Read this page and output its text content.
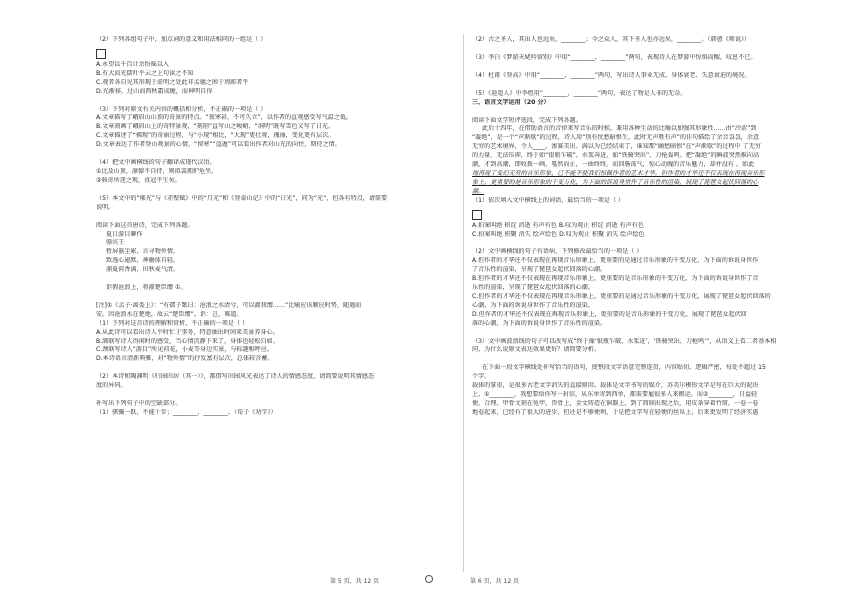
（2）下列各组句子中，加点词的意义和用法相同的一组是（ ）
A.永望以千百计余纷摇以入
B.有大而光儒叶平云之上句读之不知
C.观者各自见其形现于虚明之处此非孟德之困于周郎者乎
D.光渐移，过山而西秋霜成缠，而神明自得
（3）下列对原文有关内容的概括和分析，不正确的一项是（ ）
A.文章描写了峨眉山山顶的奇景的特点。“夜寒甚，不可久立”，以作者的直观感受写气温之低。
B.文章刻画了峨眉山上的奇特景观，“刻削”直写山之峻峭，“洞明”既写雪色又写了日光。
C.文章描述了“佛现”的奇丽过程，与“小现”相比，“大现”更壮观，瑰丽，变化更有层次。
D.文章表达了作者登山观景的心情，“留寒”“盗遁”可以看出作者对山光的向往，期待之情。
（4）把文中画横线的句子翻译成现代汉语。
①比及山顶，凛懔不自持，则拟衾拥炉危坐。
②骇奇所迷之观，真冠平生矣。
（5）本文中的“佛光”与《赤壁赋》中的“月光”和《登泰山记》中的“日光”，同为“光”，但各有特点，请简要
说明。
阅读下面这首唐诗，完成下列各题。
夏日游目聊作
骆宾王
暂屏嚣尘累，言寻物外情。
致逸心逾默，神幽体自轻。
浦夏荷香满，田秋麦气清。
讵假沧浪上，将濯楚臣缨 ①。
[注]①《孟子·离娄上》：“有孺子歌曰：沧浪之水清兮，可以濯我缨……”比喻应该顺应时势，随遇而
安。因沧浪水在楚地，故云“楚臣缨”。讵：岂，难道。
（1）下列对这首诗的理解和赏析，不正确的一项是（ ）
A.从此诗可以看出诗人平时忙于事务，特意抽出时间来美景养身心。
B.颔联写诗人得闲时的感受，当心情沉静下来了，身体也轻松自如。
C.颈联写诗人“游目”所见荷花，小麦等身边实景，与标题相呼应。
D.本诗语言清新典雅，对“物外情”的抒发富有层次，总体较含蓄。
（2）本诗和陶渊明《归园田居（其一）》，都借写田园风光表达了诗人的情感态度，请简要说明其情感态
度的异同。
补写出下列句子中的空缺部分。
（1）骐骥一跃，不能十步；________，________。（荀子《劝学》）
（2）古之圣人，其出人也远矣，________；今之众人，其下圣人也亦远矣，________。（韩愈《师说》）
（3）李白《梦游天姥吟留别》中用“________，________”两句，表现诗人在梦游中惊惧而醒，叹息不已。
（4）杜甫《登高》中用“________，________”两句，写出诗人事业无成、身体衰老、失意衰迫的境况。
（5）《逍遥人》中李煜用“________，________”两句，表达了物是人非的无奈。
三、语言文字运用（20 分）
阅读下面文学短评选段，完成下列各题。
此后十四年，在借助语言的音律来写音乐的时候，兼用各种生动的比喻以加强其形象性……由“冷涩”到
“凝绝”，是一个“声渐歇”的过程，诗人用“别有忧愁暗恨生，此时无声胜有声”的佳句描绘了余音袅袅，余意
无穷的艺术境界，令人____，渗赛美出。满以为已经结束了，谁知那“幽愁暗恨”在“声渐歇”的过程中 了无穷
的力量，无法压抑，终于如“银瓶乍破”，水浆奔迸，如“铁骑突出”，刀枪轰鸣。把“凝绝”的瞬波突然推向高
潮，才到高潮，即收拨一画，戛然而止，一曲终终，而回肠荡气，惊心动魄的音乐魅力，却并没有 。如此
地再现了变幻无穷的音乐形象，已不能不使我们惊佩作者的艺术才华。但作者的才华还不仅表现在再现音乐形
象上，更重要的是音乐形象的千变万化，为下面的诉说身世作了音乐性的渲染，展现了琵琶女起伏回落的心
潮。
（1）依次填入文中横线上的词语，最恰当的一项是（ ）
A.拍案叫绝 积淀 消逝 有声有色 B.叹为观止 积淀 消逝 有声有色
C.拍案叫绝 积聚 消失 绘声绘色 D.叹为观止 积聚 消失 绘声绘色
（2）文中画横线的句子有语病，下列修改最恰当的一项是（ ）
A.但作者的才华还不仅表现在再现音乐形象上，更重要的是通过音乐形象的千变万化，为下面的诉说身世作
了音乐性的渲染，呈现了琵琶女起伏回落的心潮。
B.但作者的才华还不仅表现在再现音乐形象上，更重要的是音乐形象的千变万化，为下面的诉说身世作了音
乐性的渲染，呈现了琵琶女起伏回落的心潮。
C.但作者的才华还不仅表现在再现音乐形象上，更重要的是通过音乐形象的千变万化，展现了琵琶女起伏回落的
心潮，为下面的诉说身世作了音乐性的渲染。
D.但作者的才华还不仅表现在再现音乐形象上，更重要的是音乐形象的千变万化，展现了琵琶女起伏回
落的心潮，为下面的诉说身世作了音乐性的渲染。
（3）文中画波浪线的句子可以改写成“终于像‘银瓶乍破，水浆迸’，‘铁骑突出，刀枪鸣’”，从语义上看二者基本相
同，为什么说原文表达效果更好？请简要分析。
在下面一段文字横线处补写恰当的语句，使整段文字语意完整连贯，内容贴切，逻辑严密，每处不超过 15
个字。
载体的掌重，是很多古老文字消失的直接原因。载体是文字书写的媒介，苏美尔楔形文字是写在巨大的泥块
上，①________，我想要给你写一封信，从东单寄到西单，都需要雇很多人来搬运。而②________，日益轻
便，合理。甲骨文刻在龟甲，兽骨上，金文铸造在铜器上，到了简牍出现之后，用皮条穿着竹简，一卷一卷
地卷起来，已经有了很大的进步，但还是不够便利，于是把文字写在轻便的丝帛上，后来更发明了经济实惠
第 5 页，共 12 页	第 6 页，共 12 页
